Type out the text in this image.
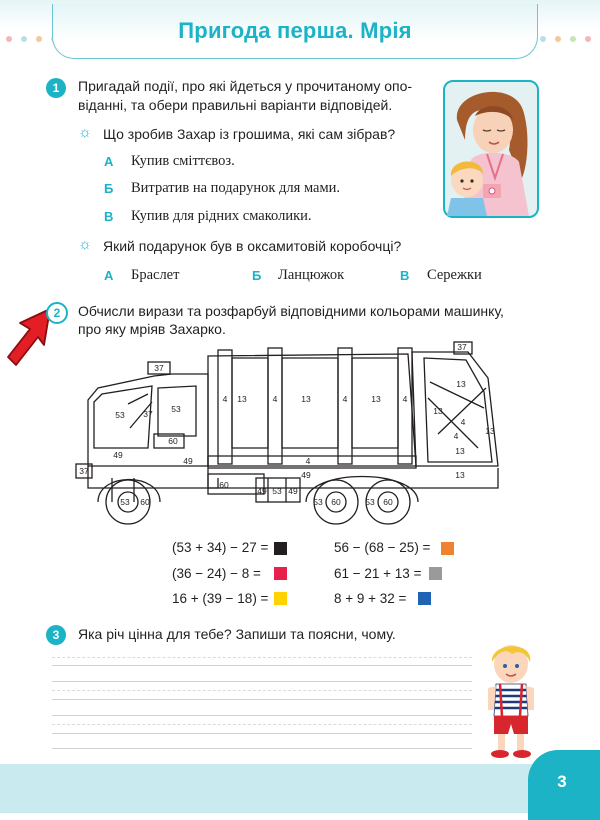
Пригода перша. Мрія
1	Пригадай події, про які йдеться у прочитаному опо-
віданні, та обери правильні варіанти відповідей.
☼ Що зробив Захар із грошима, які сам зібрав?
А Купив сміттєвоз.
Б Витратив на подарунок для мами.
В Купив для рідних смаколики.
☼ Який подарунок був в оксамитовій коробочці?
А Браслет	Б Ланцюжок	В Сережки
2	Обчисли вирази та розфарбуй відповідними кольорами машинку,
про яку мріяв Захарко.
37
53 37 53
60
49
49
37
4 13	4	13	4	13	4
4
37
13
13
4
13
4
13
13
49
60
49 53 49
53 60	53 60	53 60
(53 + 34) − 27 =	56 − (68 − 25) =
(36 − 24) − 8 =	61 − 21 + 13 =
16 + (39 − 18) =	8 + 9 + 32 =
3	Яка річ цінна для тебе? Запиши та поясни, чому.
3
